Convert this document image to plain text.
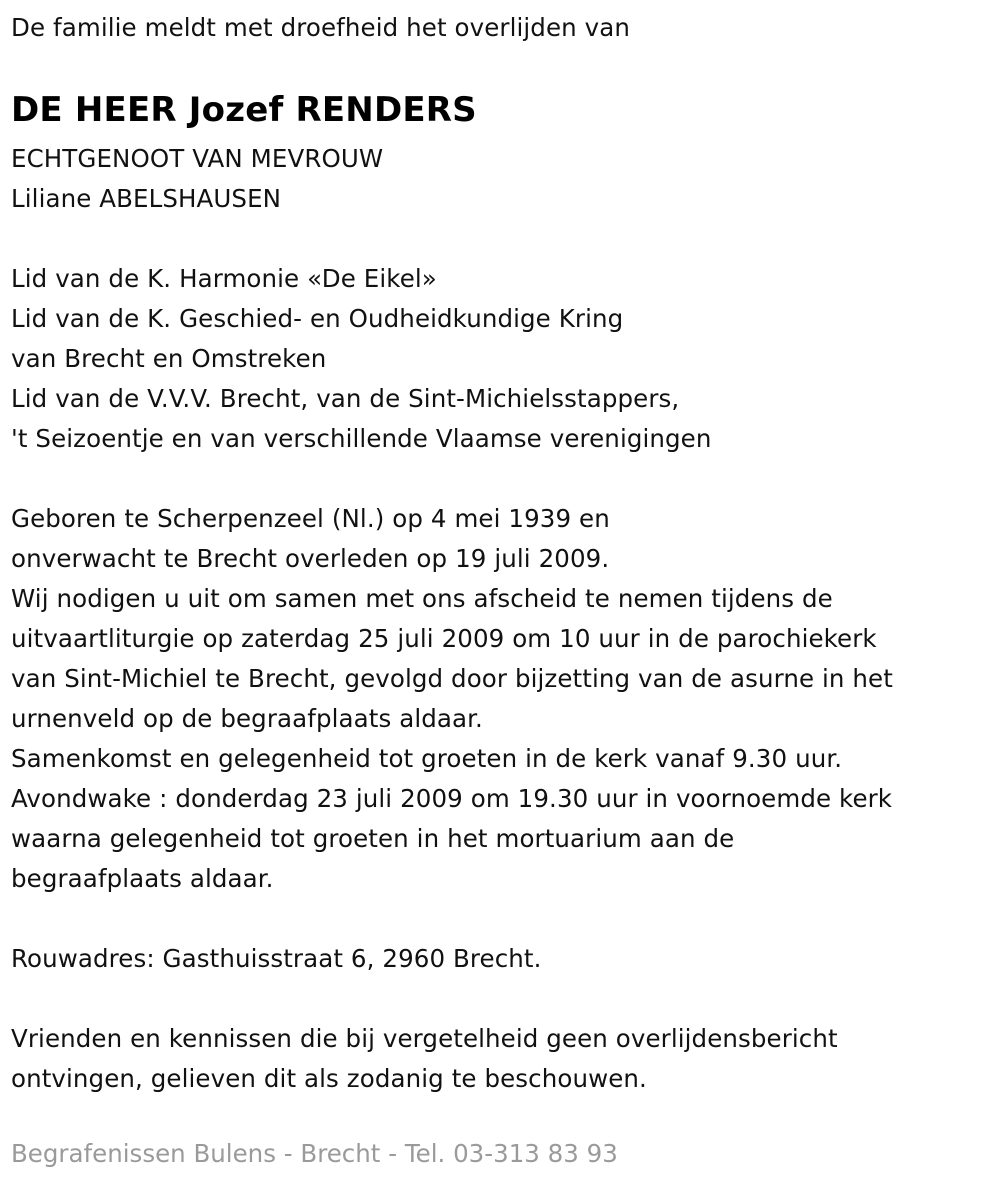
De familie meldt met droefheid het overlijden van
DE HEER Jozef RENDERS
ECHTGENOOT VAN MEVROUW
Liliane ABELSHAUSEN
Lid van de K. Harmonie «De Eikel»
Lid van de K. Geschied- en Oudheidkundige Kring
van Brecht en Omstreken
Lid van de V.V.V. Brecht, van de Sint-Michielsstappers,
't Seizoentje en van verschillende Vlaamse verenigingen
Geboren te Scherpenzeel (Nl.) op 4 mei 1939 en
onverwacht te Brecht overleden op 19 juli 2009.
Wij nodigen u uit om samen met ons afscheid te nemen tijdens de
uitvaartliturgie op zaterdag 25 juli 2009 om 10 uur in de parochiekerk
van Sint-Michiel te Brecht, gevolgd door bijzetting van de asurne in het
urnenveld op de begraafplaats aldaar.
Samenkomst en gelegenheid tot groeten in de kerk vanaf 9.30 uur.
Avondwake : donderdag 23 juli 2009 om 19.30 uur in voornoemde kerk
waarna gelegenheid tot groeten in het mortuarium aan de
begraafplaats aldaar.
Rouwadres: Gasthuisstraat 6, 2960 Brecht.
Vrienden en kennissen die bij vergetelheid geen overlijdensbericht
ontvingen, gelieven dit als zodanig te beschouwen.
Begrafenissen Bulens - Brecht - Tel. 03-313 83 93
